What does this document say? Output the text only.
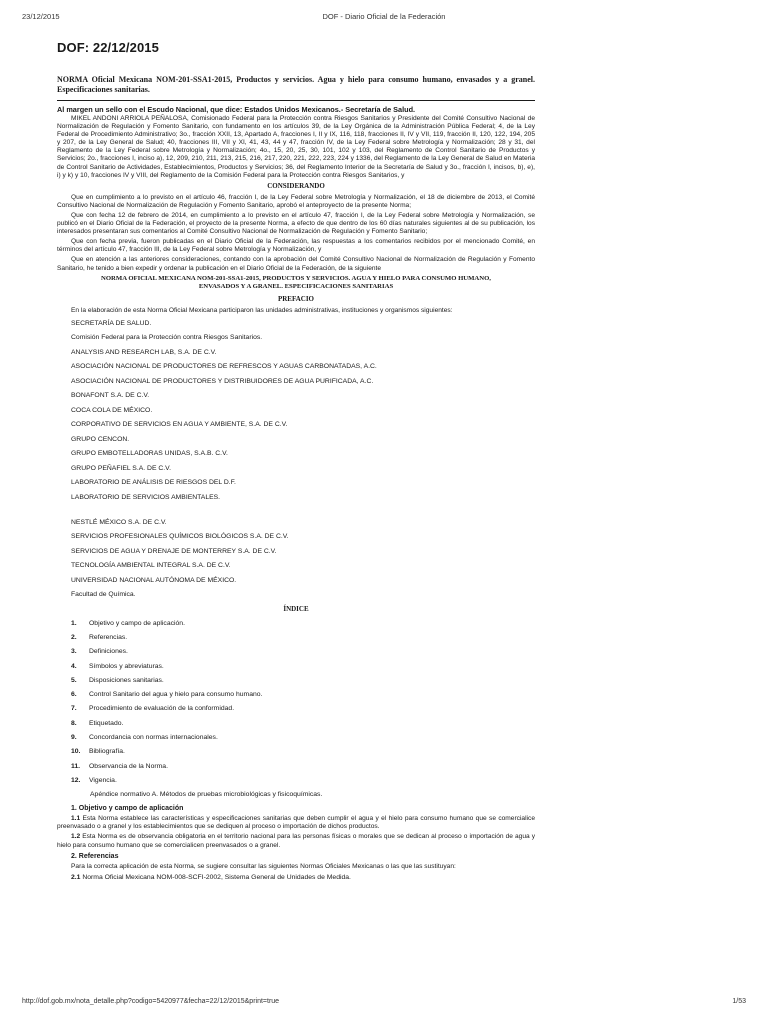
23/12/2015	DOF - Diario Oficial de la Federación
DOF: 22/12/2015

NORMA Oficial Mexicana NOM-201-SSA1-2015, Productos y servicios. Agua y hielo para consumo humano, envasados y a granel. Especificaciones sanitarias.

Al margen un sello con el Escudo Nacional, que dice: Estados Unidos Mexicanos.- Secretaría de Salud.

MIKEL ANDONI ARRIOLA PEÑALOSA, Comisionado Federal para la Protección contra Riesgos Sanitarios y Presidente del Comité Consultivo Nacional de Normalización de Regulación y Fomento Sanitario, con fundamento en los artículos 39, de la Ley Orgánica de la Administración Pública Federal; 4, de la Ley Federal de Procedimiento Administrativo; 3o., fracción XXII, 13, Apartado A, fracciones I, II y IX, 116, 118, fracciones II, IV y VII, 119, fracción II, 120, 122, 194, 205 y 207, de la Ley General de Salud; 40, fracciones III, VII y XI, 41, 43, 44 y 47, fracción IV, de la Ley Federal sobre Metrología y Normalización; 28 y 31, del Reglamento de la Ley Federal sobre Metrología y Normalización; 4o., 15, 20, 25, 30, 101, 102 y 103, del Reglamento de Control Sanitario de Productos y Servicios; 2o., fracciones I, inciso a), 12, 209, 210, 211, 213, 215, 216, 217, 220, 221, 222, 223, 224 y 1336, del Reglamento de la Ley General de Salud en Materia de Control Sanitario de Actividades, Establecimientos, Productos y Servicios; 36, del Reglamento Interior de la Secretaría de Salud y 3o., fracción I, incisos, b), e), i) y k) y 10, fracciones IV y VIII, del Reglamento de la Comisión Federal para la Protección contra Riesgos Sanitarios, y

CONSIDERANDO

Que en cumplimiento a lo previsto en el artículo 46, fracción I, de la Ley Federal sobre Metrología y Normalización, el 18 de diciembre de 2013, el Comité Consultivo Nacional de Normalización de Regulación y Fomento Sanitario, aprobó el anteproyecto de la presente Norma;

Que con fecha 12 de febrero de 2014, en cumplimiento a lo previsto en el artículo 47, fracción I, de la Ley Federal sobre Metrología y Normalización, se publicó en el Diario Oficial de la Federación, el proyecto de la presente Norma, a efecto de que dentro de los 60 días naturales siguientes al de su publicación, los interesados presentaran sus comentarios al Comité Consultivo Nacional de Normalización de Regulación y Fomento Sanitario;

Que con fecha previa, fueron publicadas en el Diario Oficial de la Federación, las respuestas a los comentarios recibidos por el mencionado Comité, en términos del artículo 47, fracción III, de la Ley Federal sobre Metrología y Normalización, y

Que en atención a las anteriores consideraciones, contando con la aprobación del Comité Consultivo Nacional de Normalización de Regulación y Fomento Sanitario, he tenido a bien expedir y ordenar la publicación en el Diario Oficial de la Federación, de la siguiente

NORMA OFICIAL MEXICANA NOM-201-SSA1-2015, PRODUCTOS Y SERVICIOS. AGUA Y HIELO PARA CONSUMO HUMANO, ENVASADOS Y A GRANEL. ESPECIFICACIONES SANITARIAS
PREFACIO

En la elaboración de esta Norma Oficial Mexicana participaron las unidades administrativas, instituciones y organismos siguientes:

SECRETARÍA DE SALUD.
Comisión Federal para la Protección contra Riesgos Sanitarios.
ANALYSIS AND RESEARCH LAB, S.A. DE C.V.
ASOCIACIÓN NACIONAL DE PRODUCTORES DE REFRESCOS Y AGUAS CARBONATADAS, A.C.
ASOCIACIÓN NACIONAL DE PRODUCTORES Y DISTRIBUIDORES DE AGUA PURIFICADA, A.C.
BONAFONT S.A. DE C.V.
COCA COLA DE MÉXICO.
CORPORATIVO DE SERVICIOS EN AGUA Y AMBIENTE, S.A. DE C.V.
GRUPO CENCON.
GRUPO EMBOTELLADORAS UNIDAS, S.A.B. C.V.
GRUPO PEÑAFIEL S.A. DE C.V.
LABORATORIO DE ANÁLISIS DE RIESGOS DEL D.F.
LABORATORIO DE SERVICIOS AMBIENTALES.
NESTLÉ MÉXICO S.A. DE C.V.
SERVICIOS PROFESIONALES QUÍMICOS BIOLÓGICOS S.A. DE C.V.
SERVICIOS DE AGUA Y DRENAJE DE MONTERREY S.A. DE C.V.
TECNOLOGÍA AMBIENTAL INTEGRAL S.A. DE C.V.
UNIVERSIDAD NACIONAL AUTÓNOMA DE MÉXICO.
Facultad de Química.
ÍNDICE
1. Objetivo y campo de aplicación.
2. Referencias.
3. Definiciones.
4. Símbolos y abreviaturas.
5. Disposiciones sanitarias.
6. Control Sanitario del agua y hielo para consumo humano.
7. Procedimiento de evaluación de la conformidad.
8. Etiquetado.
9. Concordancia con normas internacionales.
10. Bibliografía.
11. Observancia de la Norma.
12. Vigencia.
Apéndice normativo A. Métodos de pruebas microbiológicas y fisicoquímicas.
1. Objetivo y campo de aplicación

1.1 Esta Norma establece las características y especificaciones sanitarias que deben cumplir el agua y el hielo para consumo humano que se comercialice preenvasado o a granel y los establecimientos que se dediquen al proceso o importación de dichos productos.

1.2 Esta Norma es de observancia obligatoria en el territorio nacional para las personas físicas o morales que se dedican al proceso o importación de agua y hielo para consumo humano que se comercialicen preenvasados o a granel.

2. Referencias

Para la correcta aplicación de esta Norma, se sugiere consultar las siguientes Normas Oficiales Mexicanas o las que las sustituyan:

2.1 Norma Oficial Mexicana NOM-008-SCFI-2002, Sistema General de Unidades de Medida.
http://dof.gob.mx/nota_detalle.php?codigo=5420977&fecha=22/12/2015&print=true	1/53
